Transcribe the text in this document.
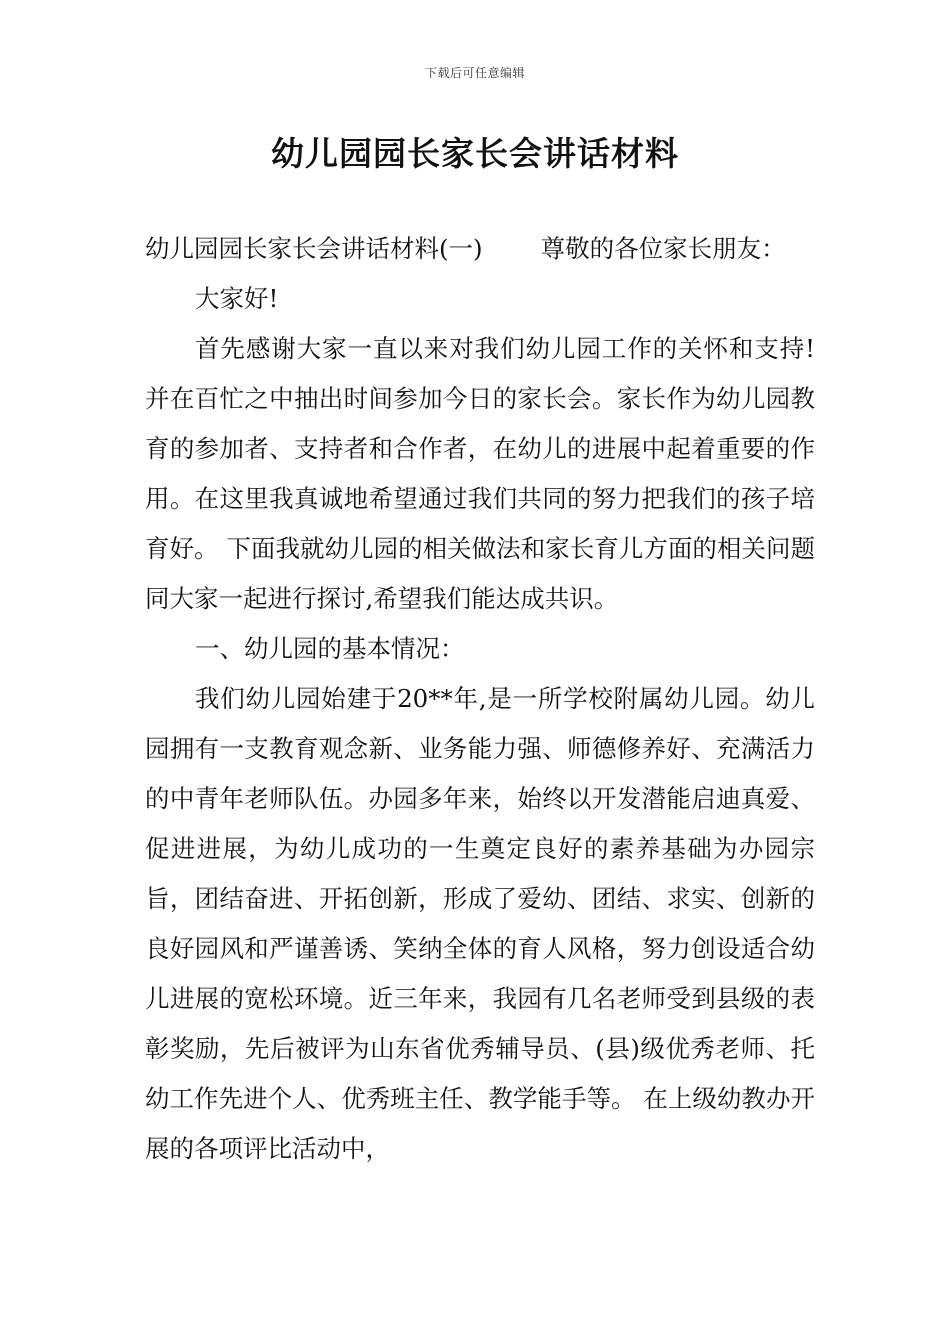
下载后可任意编辑
幼儿园园长家长会讲话材料
幼儿园园长家长会讲话材料(一) 尊敬的各位家长朋友：

大家好!

首先感谢大家一直以来对我们幼儿园工作的关怀和支持!并在百忙之中抽出时间参加今日的家长会。家长作为幼儿园教育的参加者、支持者和合作者，在幼儿的进展中起着重要的作用。在这里我真诚地希望通过我们共同的努力把我们的孩子培育好。 下面我就幼儿园的相关做法和家长育儿方面的相关问题同大家一起进行探讨,希望我们能达成共识。

一、幼儿园的基本情况：

我们幼儿园始建于20**年,是一所学校附属幼儿园。幼儿园拥有一支教育观念新、业务能力强、师德修养好、充满活力的中青年老师队伍。办园多年来，始终以开发潜能启迪真爱、促进进展，为幼儿成功的一生奠定良好的素养基础为办园宗旨，团结奋进、开拓创新，形成了爱幼、团结、求实、创新的良好园风和严谨善诱、笑纳全体的育人风格，努力创设适合幼儿进展的宽松环境。近三年来，我园有几名老师受到县级的表彰奖励，先后被评为山东省优秀辅导员、(县)级优秀老师、托幼工作先进个人、优秀班主任、教学能手等。 在上级幼教办开展的各项评比活动中，
